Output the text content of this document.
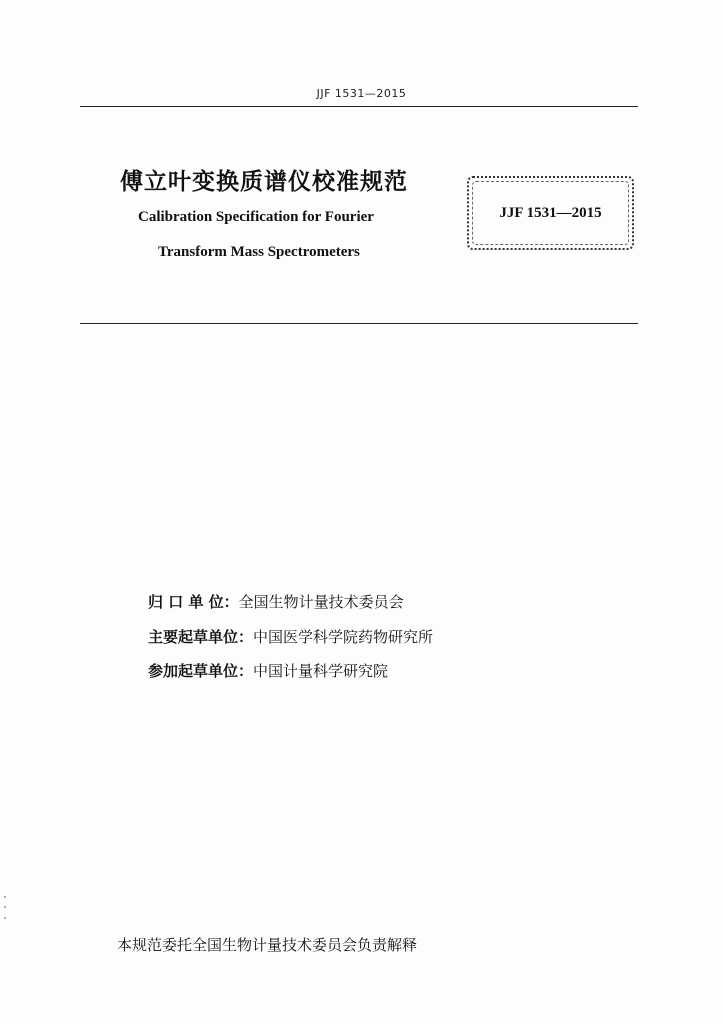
JJF 1531—2015
傅立叶变换质谱仪校准规范
Calibration Specification for Fourier
Transform Mass Spectrometers
JJF 1531—2015
归 口 单 位：全国生物计量技术委员会
主要起草单位：中国医学科学院药物研究所
参加起草单位：中国计量科学研究院
本规范委托全国生物计量技术委员会负责解释
